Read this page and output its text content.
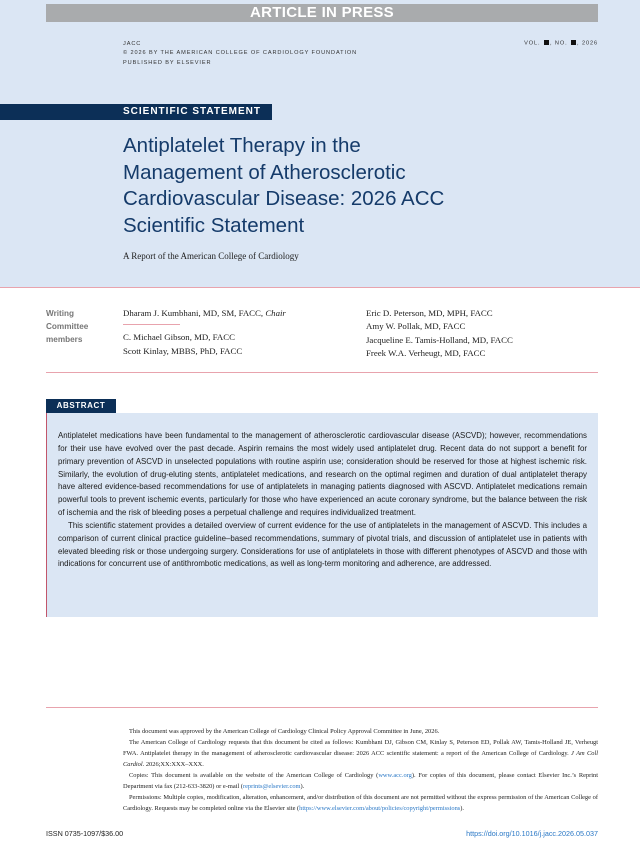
ARTICLE IN PRESS
JACC
© 2026 BY THE AMERICAN COLLEGE OF CARDIOLOGY FOUNDATION
PUBLISHED BY ELSEVIER
VOL. , NO. , 2026
SCIENTIFIC STATEMENT
Antiplatelet Therapy in the
Management of Atherosclerotic
Cardiovascular Disease: 2026 ACC
Scientific Statement
A Report of the American College of Cardiology
Writing
Committee
members
Dharam J. Kumbhani, MD, SM, FACC, Chair
C. Michael Gibson, MD, FACC
Scott Kinlay, MBBS, PhD, FACC
Eric D. Peterson, MD, MPH, FACC
Amy W. Pollak, MD, FACC
Jacqueline E. Tamis-Holland, MD, FACC
Freek W.A. Verheugt, MD, FACC
ABSTRACT

Antiplatelet medications have been fundamental to the management of atherosclerotic cardiovascular disease (ASCVD); however, recommendations for their use have evolved over the past decade. Aspirin remains the most widely used antiplatelet drug. Recent data do not support a benefit for primary prevention of ASCVD in unselected populations with routine aspirin use; consideration should be reserved for those at highest ischemic risk. Similarly, the evolution of drug-eluting stents, antiplatelet medications, and research on the optimal regimen and duration of dual antiplatelet therapy have altered evidence-based recommendations for use of antiplatelets in managing patients diagnosed with ASCVD. Antiplatelet medications remain powerful tools to prevent ischemic events, particularly for those who have experienced an acute coronary syndrome, but the balance between the risk of ischemia and the risk of bleeding poses a perpetual challenge and requires individualized treatment.

This scientific statement provides a detailed overview of current evidence for the use of antiplatelets in the management of ASCVD. This includes a comparison of current clinical practice guideline–based recommendations, summary of pivotal trials, and discussion of antiplatelet use in patients with elevated bleeding risk or those undergoing surgery. Considerations for use of antiplatelets in those with different phenotypes of ASCVD and those with indications for concurrent use of antithrombotic medications, as well as long-term monitoring and adherence, are addressed.

This document was approved by the American College of Cardiology Clinical Policy Approval Committee in June, 2026.

The American College of Cardiology requests that this document be cited as follows: Kumbhani DJ, Gibson CM, Kinlay S, Peterson ED, Pollak AW, Tamis-Holland JE, Verheugt FWA. Antiplatelet therapy in the management of atherosclerotic cardiovascular disease: 2026 ACC scientific statement: a report of the American College of Cardiology. J Am Coll Cardiol. 2026;XX:XXX–XXX.

Copies: This document is available on the website of the American College of Cardiology (www.acc.org). For copies of this document, please contact Elsevier Inc.’s Reprint Department via fax (212-633-3820) or e-mail (reprints@elsevier.com).

Permissions: Multiple copies, modification, alteration, enhancement, and/or distribution of this document are not permitted without the express permission of the American College of Cardiology. Requests may be completed online via the Elsevier site (https://www.elsevier.com/about/policies/copyright/permissions).

ISSN 0735-1097/$36.00	https://doi.org/10.1016/j.jacc.2026.05.037
